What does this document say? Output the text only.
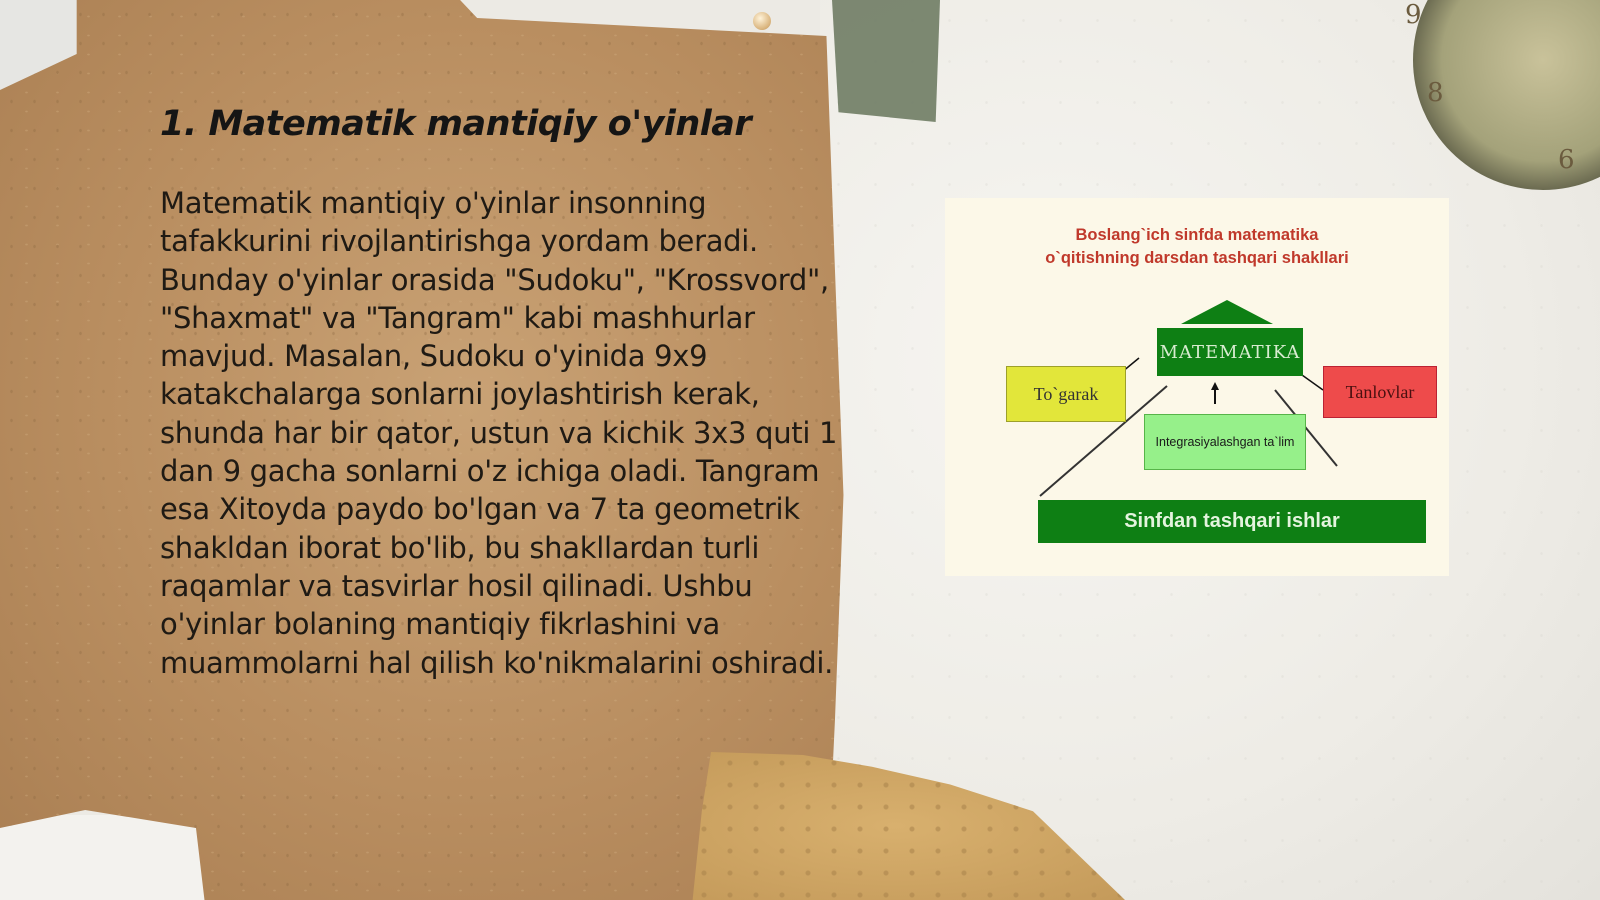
9
8
6
1. Matematik mantiqiy o'yinlar

Matematik mantiqiy o'yinlar insonning tafakkurini rivojlantirishga yordam beradi. Bunday o'yinlar orasida "Sudoku", "Krossvord", "Shaxmat" va "Tangram" kabi mashhurlar mavjud. Masalan, Sudoku o'yinida 9x9 katakchalarga sonlarni joylashtirish kerak, shunda har bir qator, ustun va kichik 3x3 quti 1 dan 9 gacha sonlarni o'z ichiga oladi. Tangram esa Xitoyda paydo bo'lgan va 7 ta geometrik shakldan iborat bo'lib, bu shakllardan turli raqamlar va tasvirlar hosil qilinadi. Ushbu o'yinlar bolaning mantiqiy fikrlashini va muammolarni hal qilish ko'nikmalarini oshiradi.

Boslang`ich sinfda matematika
o`qitishning darsdan tashqari shakllari
MATEMATIKA
To`garak	Tanlovlar
Integrasiyalashgan ta`lim
Sinfdan tashqari ishlar
